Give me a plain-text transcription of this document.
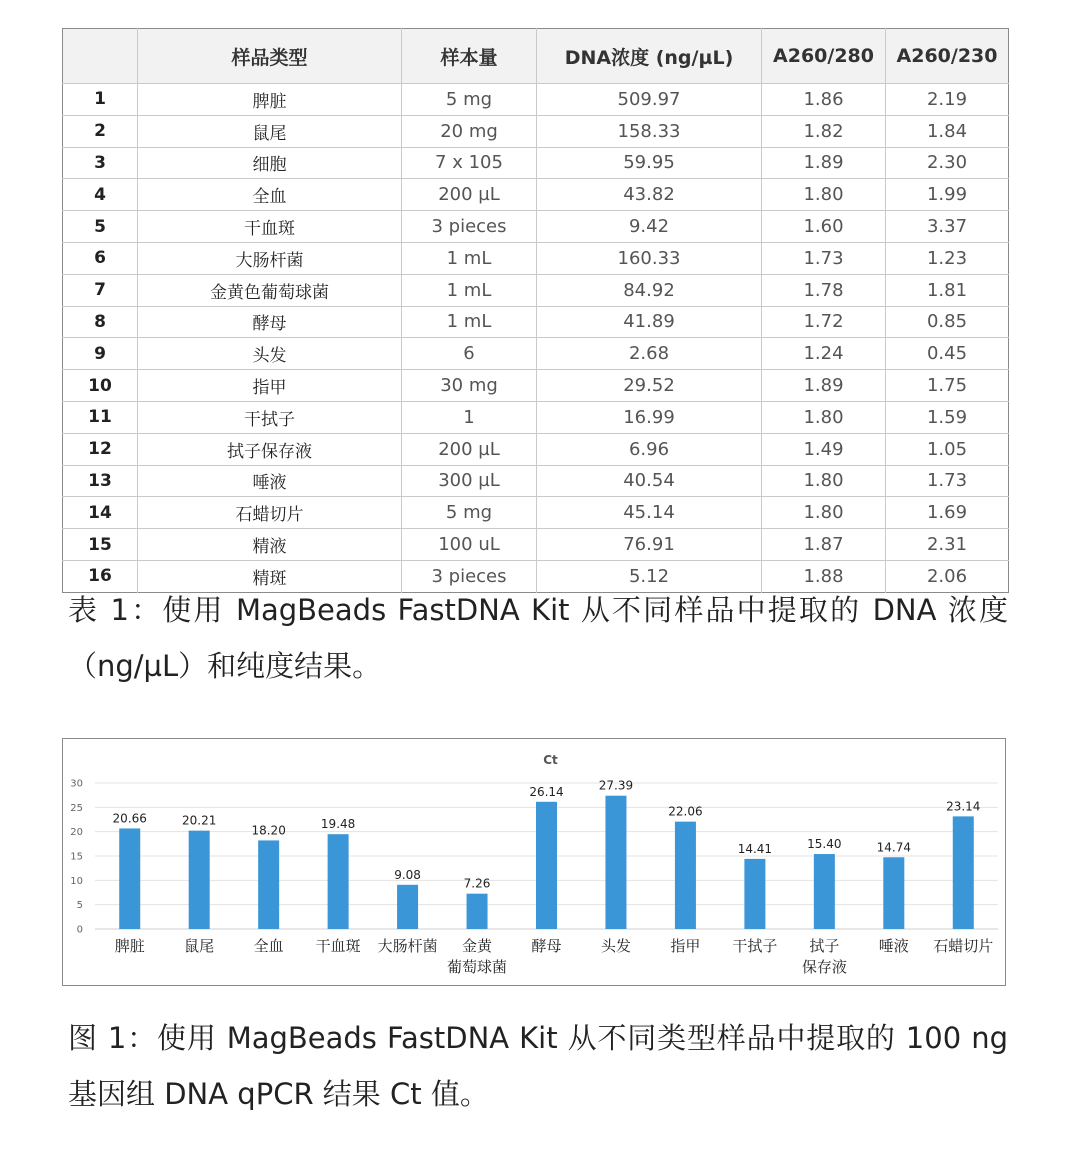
	样品类型	样本量	DNA浓度 (ng/µL)	A260/280	A260/230
1	脾脏	5 mg	509.97	1.86	2.19
2	鼠尾	20 mg	158.33	1.82	1.84
3	细胞	7 x 105	59.95	1.89	2.30
4	全血	200 µL	43.82	1.80	1.99
5	干血斑	3 pieces	9.42	1.60	3.37
6	大肠杆菌	1 mL	160.33	1.73	1.23
7	金黄色葡萄球菌	1 mL	84.92	1.78	1.81
8	酵母	1 mL	41.89	1.72	0.85
9	头发	6	2.68	1.24	0.45
10	指甲	30 mg	29.52	1.89	1.75
11	干拭子	1	16.99	1.80	1.59
12	拭子保存液	200 µL	6.96	1.49	1.05
13	唾液	300 µL	40.54	1.80	1.73
14	石蜡切片	5 mg	45.14	1.80	1.69
15	精液	100 uL	76.91	1.87	2.31
16	精斑	3 pieces	5.12	1.88	2.06
表 1：使用 MagBeads FastDNA Kit 从不同样品中提取的 DNA 浓度（ng/µL）和纯度结果。
Ct
0
5
10
15
20
25
30
20.66
脾脏
20.21
鼠尾
18.20
全血
19.48
干血斑
9.08
大肠杆菌
7.26
金黄
葡萄球菌
26.14
酵母
27.39
头发
22.06
指甲
14.41
干拭子
15.40
拭子
保存液
14.74
唾液
23.14
石蜡切片
图 1：使用 MagBeads FastDNA Kit 从不同类型样品中提取的 100 ng 基因组 DNA qPCR 结果 Ct 值。
